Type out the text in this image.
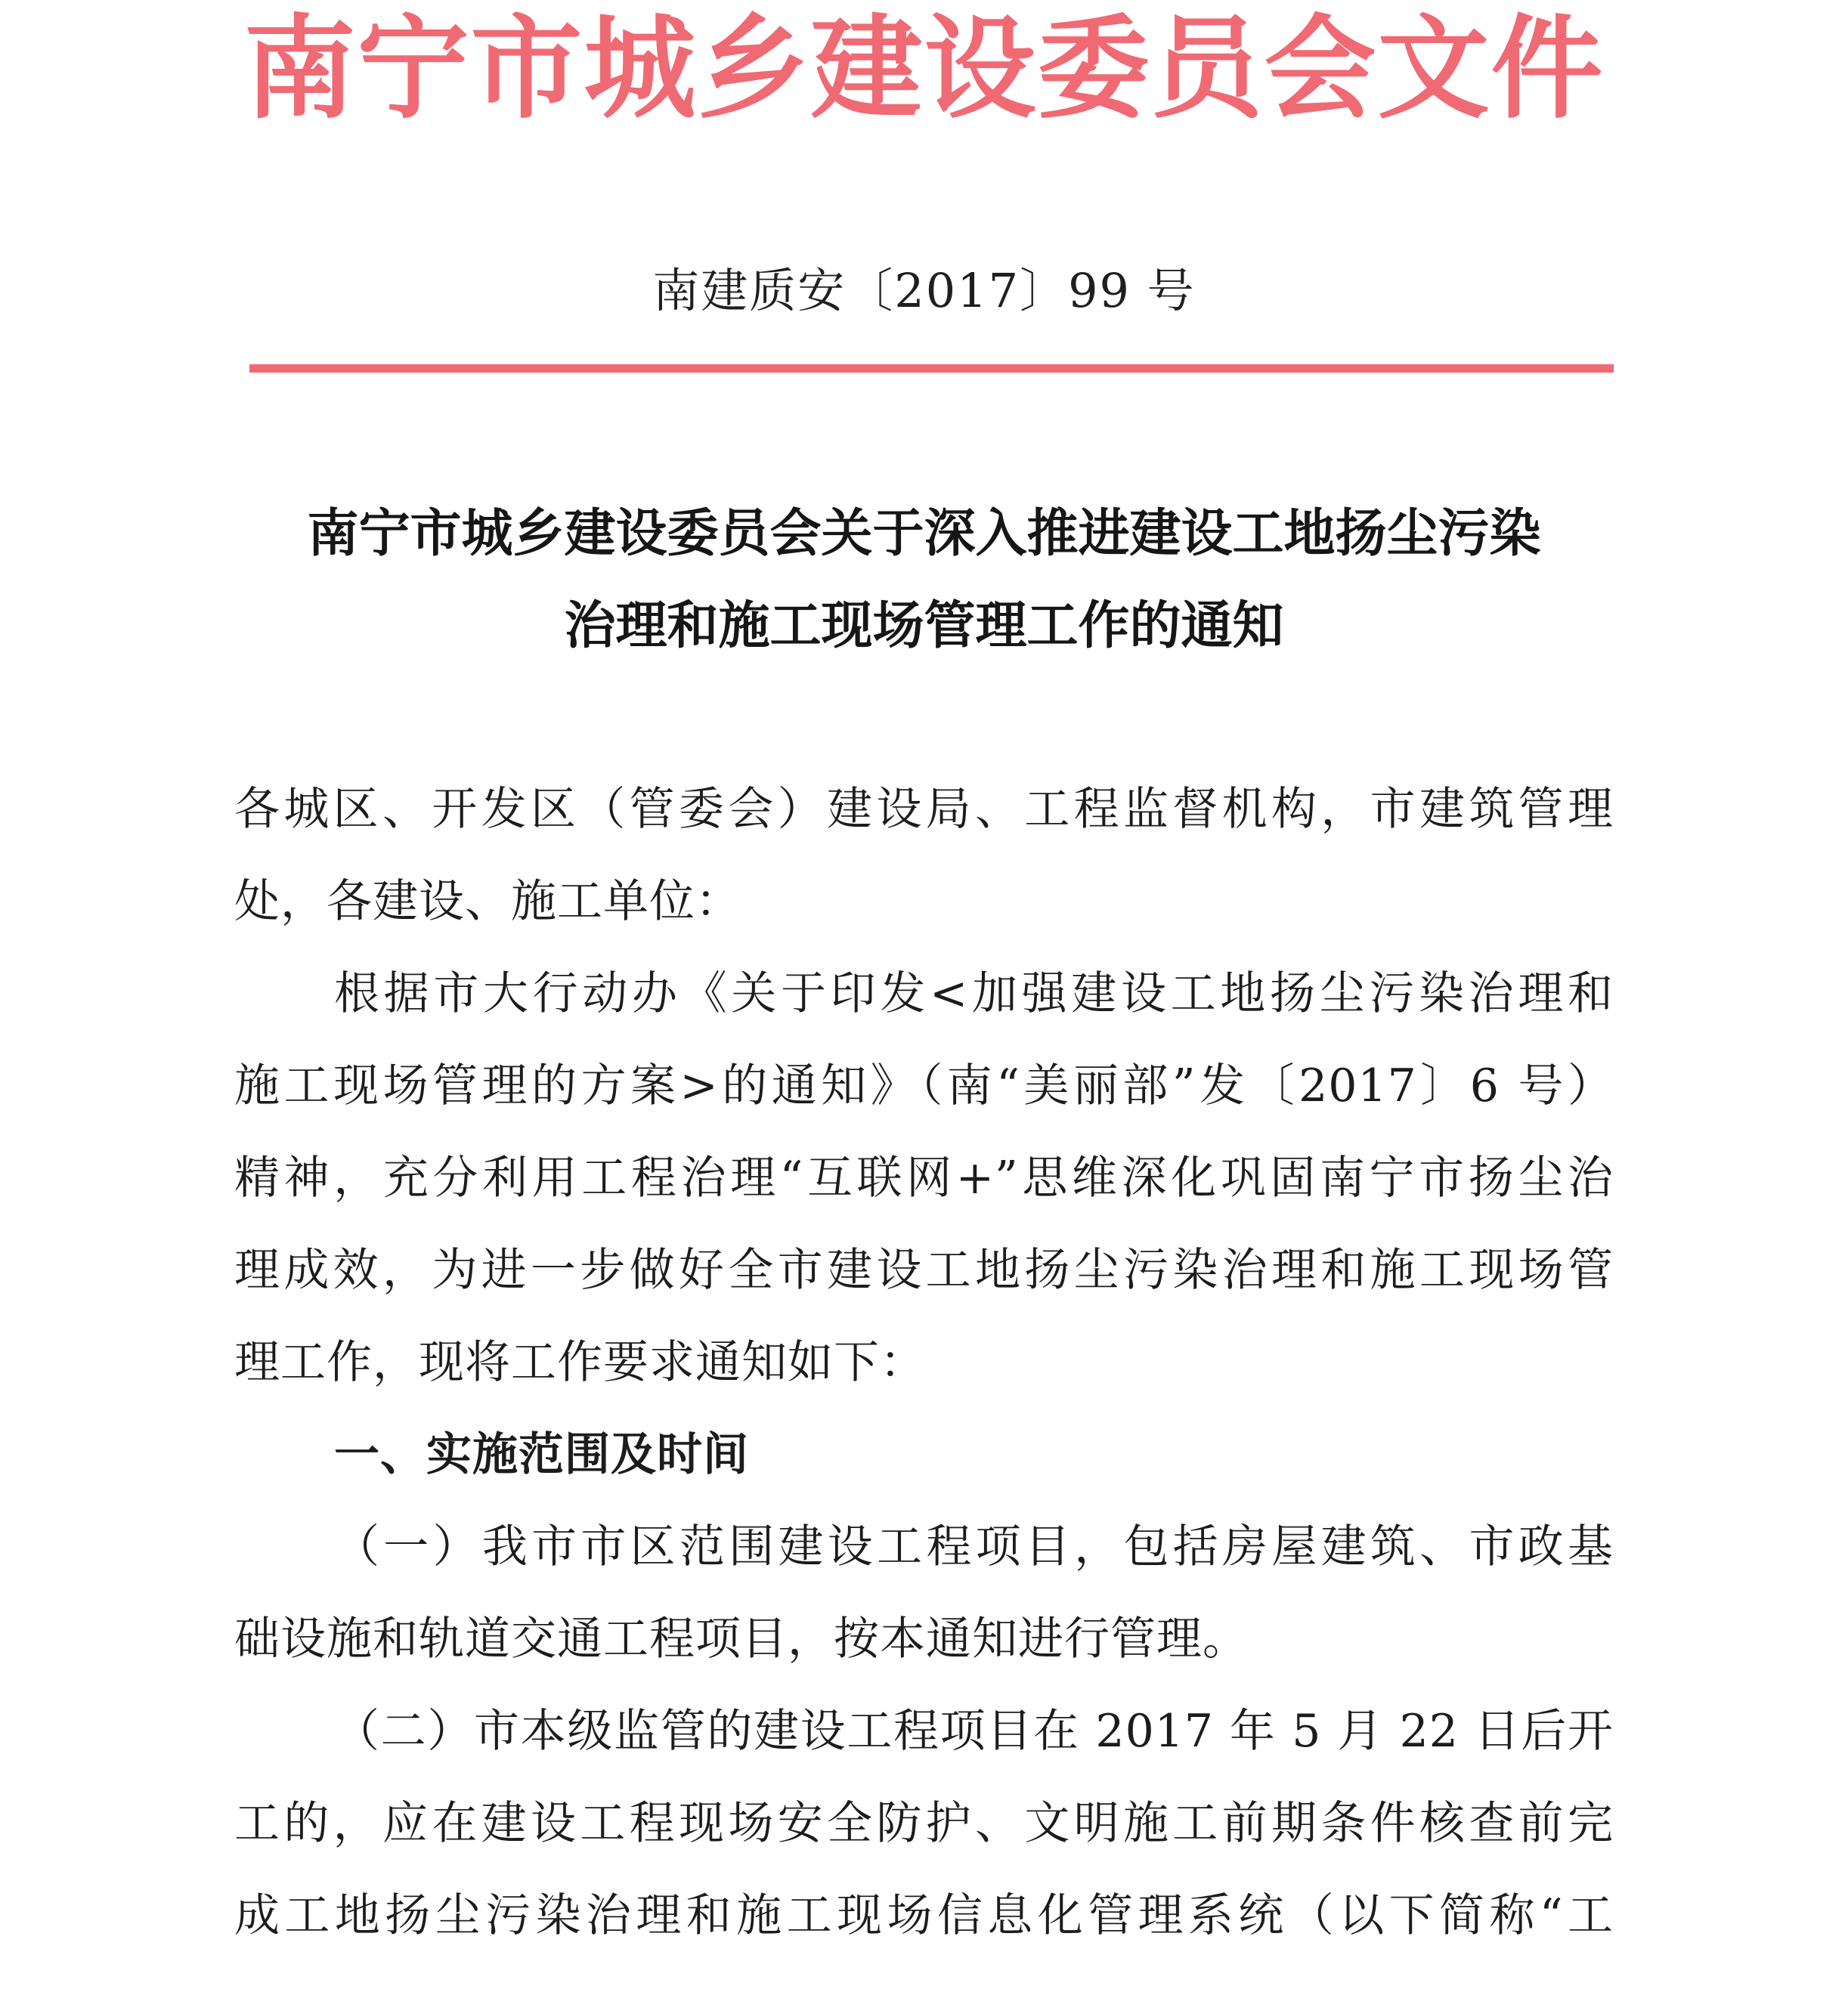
南宁市城乡建设委员会文件
南建质安〔2017〕99 号
南宁市城乡建设委员会关于深入推进建设工地扬尘污染
治理和施工现场管理工作的通知
各城区、开发区（管委会）建设局、工程监督机构，市建筑管理
处，各建设、施工单位：
根据市大行动办《关于印发<加强建设工地扬尘污染治理和
施工现场管理的方案>的通知》（南“美丽部”发〔2017〕6 号）
精神，充分利用工程治理“互联网+”思维深化巩固南宁市扬尘治
理成效，为进一步做好全市建设工地扬尘污染治理和施工现场管
理工作，现将工作要求通知如下：
一、实施范围及时间
（一）我市市区范围建设工程项目，包括房屋建筑、市政基
础设施和轨道交通工程项目，按本通知进行管理。
（二）市本级监管的建设工程项目在 2017 年 5 月 22 日后开
工的，应在建设工程现场安全防护、文明施工前期条件核查前完
成工地扬尘污染治理和施工现场信息化管理系统（以下简称“工
